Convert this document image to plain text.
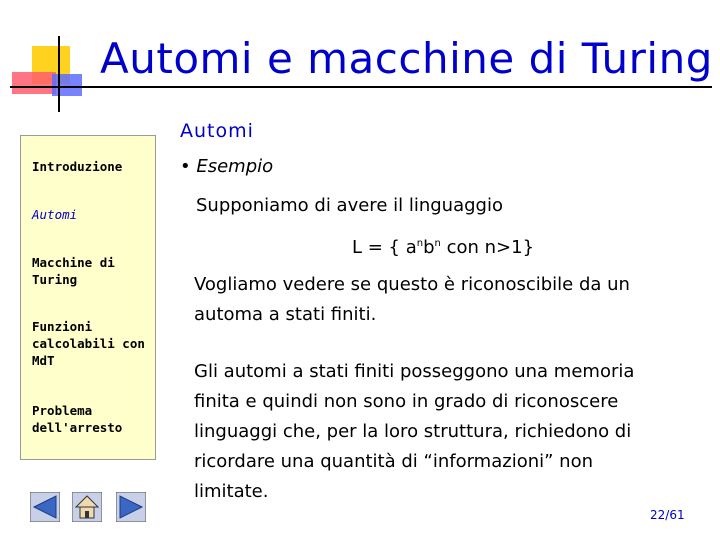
Automi e macchine di Turing
Introduzione
Automi
Macchine di
Turing
Funzioni
calcolabili con
MdT
Problema
dell'arresto
Automi
• Esempio
Supponiamo di avere il linguaggio
L = { $a^nb^n$ con n>1}
Vogliamo vedere se questo è riconoscibile da un
automa a stati finiti.
Gli automi a stati finiti posseggono una memoria
finita e quindi non sono in grado di riconoscere
linguaggi che, per la loro struttura, richiedono di
ricordare una quantità di “informazioni” non
limitate.
22/61
